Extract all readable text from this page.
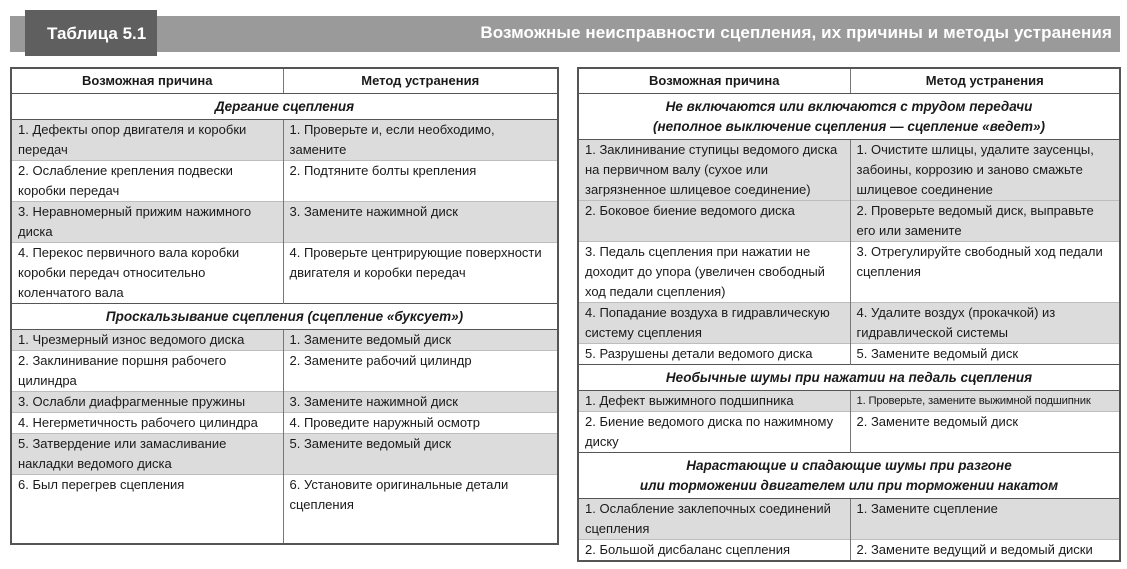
Таблица 5.1	Возможные неисправности сцепления, их причины и методы устранения
Возможная причина	Метод устранения
Дергание сцепления	
1. Дефекты опор двигателя и коробки передач	1. Проверьте и, если необходимо, замените
2. Ослабление крепления подвески коробки передач	2. Подтяните болты крепления
3. Неравномерный прижим нажимного диска	3. Замените нажимной диск
4. Перекос первичного вала коробки коробки передач относительно коленчатого вала	4. Проверьте центрирующие поверхности двигателя и коробки передач
Проскальзывание сцепления (сцепление «буксует»)	
1. Чрезмерный износ ведомого диска	1. Замените ведомый диск
2. Заклинивание поршня рабочего цилиндра	2. Замените рабочий цилиндр
3. Ослабли диафрагменные пружины	3. Замените нажимной диск
4. Негерметичность рабочего цилиндра	4. Проведите наружный осмотр
5. Затвердение или замасливание накладки ведомого диска	5. Замените ведомый диск
6. Был перегрев сцепления	6. Установите оригинальные детали сцепления
Возможная причина	Метод устранения

Не включаются или включаются с трудом передачи
(неполное выключение сцепления — сцепление «ведет»)	

1. Заклинивание ступицы ведомого диска на первичном валу (сухое или загрязненное шлицевое соединение)	1. Очистите шлицы, удалите заусенцы, забоины, коррозию и заново смажьте шлицевое соединение
2. Боковое биение ведомого диска	2. Проверьте ведомый диск, выправьте его или замените
3. Педаль сцепления при нажатии не доходит до упора (увеличен свободный ход педали сцепления)	3. Отрегулируйте свободный ход педали сцепления
4. Попадание воздуха в гидравлическую систему сцепления	4. Удалите воздух (прокачкой) из гидравлической системы
5. Разрушены детали ведомого диска	5. Замените ведомый диск
Необычные шумы при нажатии на педаль сцепления	
1. Дефект выжимного подшипника	1. Проверьте, замените выжимной подшипник
2. Биение ведомого диска по нажимному диску	2. Замените ведомый диск

Нарастающие и спадающие шумы при разгоне
или торможении двигателем или при торможении накатом	

1. Ослабление заклепочных соединений сцепления	1. Замените сцепление
2. Большой дисбаланс сцепления	2. Замените ведущий и ведомый диски
